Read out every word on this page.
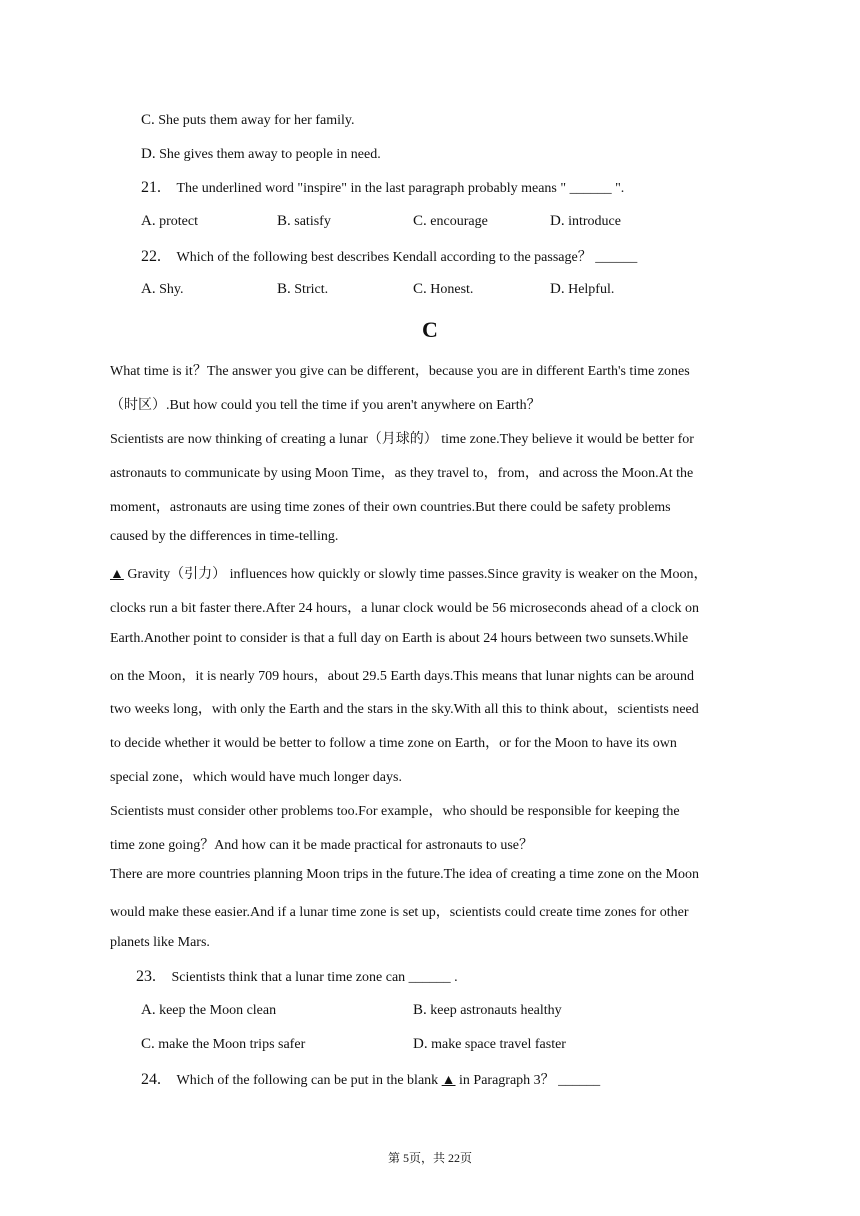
C. She puts them away for her family.
D. She gives them away to people in need.
21. The underlined word "inspire" in the last paragraph probably means " ______ ".
A. protect	B. satisfy	C. encourage	D. introduce
22. Which of the following best describes Kendall according to the passage？ ______
A. Shy.	B. Strict.	C. Honest.	D. Helpful.
C
What time is it？The answer you give can be different，because you are in different Earth's time zones
（时区）.But how could you tell the time if you aren't anywhere on Earth？
Scientists are now thinking of creating a lunar（月球的） time zone.They believe it would be better for
astronauts to communicate by using Moon Time，as they travel to，from，and across the Moon.At the
moment，astronauts are using time zones of their own countries.But there could be safety problems
caused by the differences in time-telling.
▲ Gravity（引力） influences how quickly or slowly time passes.Since gravity is weaker on the Moon，
clocks run a bit faster there.After 24 hours，a lunar clock would be 56 microseconds ahead of a clock on
Earth.Another point to consider is that a full day on Earth is about 24 hours between two sunsets.While
on the Moon，it is nearly 709 hours，about 29.5 Earth days.This means that lunar nights can be around
two weeks long，with only the Earth and the stars in the sky.With all this to think about，scientists need
to decide whether it would be better to follow a time zone on Earth，or for the Moon to have its own
special zone，which would have much longer days.
Scientists must consider other problems too.For example，who should be responsible for keeping the
time zone going？And how can it be made practical for astronauts to use？
There are more countries planning Moon trips in the future.The idea of creating a time zone on the Moon
would make these easier.And if a lunar time zone is set up，scientists could create time zones for other
planets like Mars.
23. Scientists think that a lunar time zone can ______ .
A. keep the Moon clean	B. keep astronauts healthy
C. make the Moon trips safer	D. make space travel faster
24. Which of the following can be put in the blank ▲ in Paragraph 3？ ______
第 5页，共 22页
